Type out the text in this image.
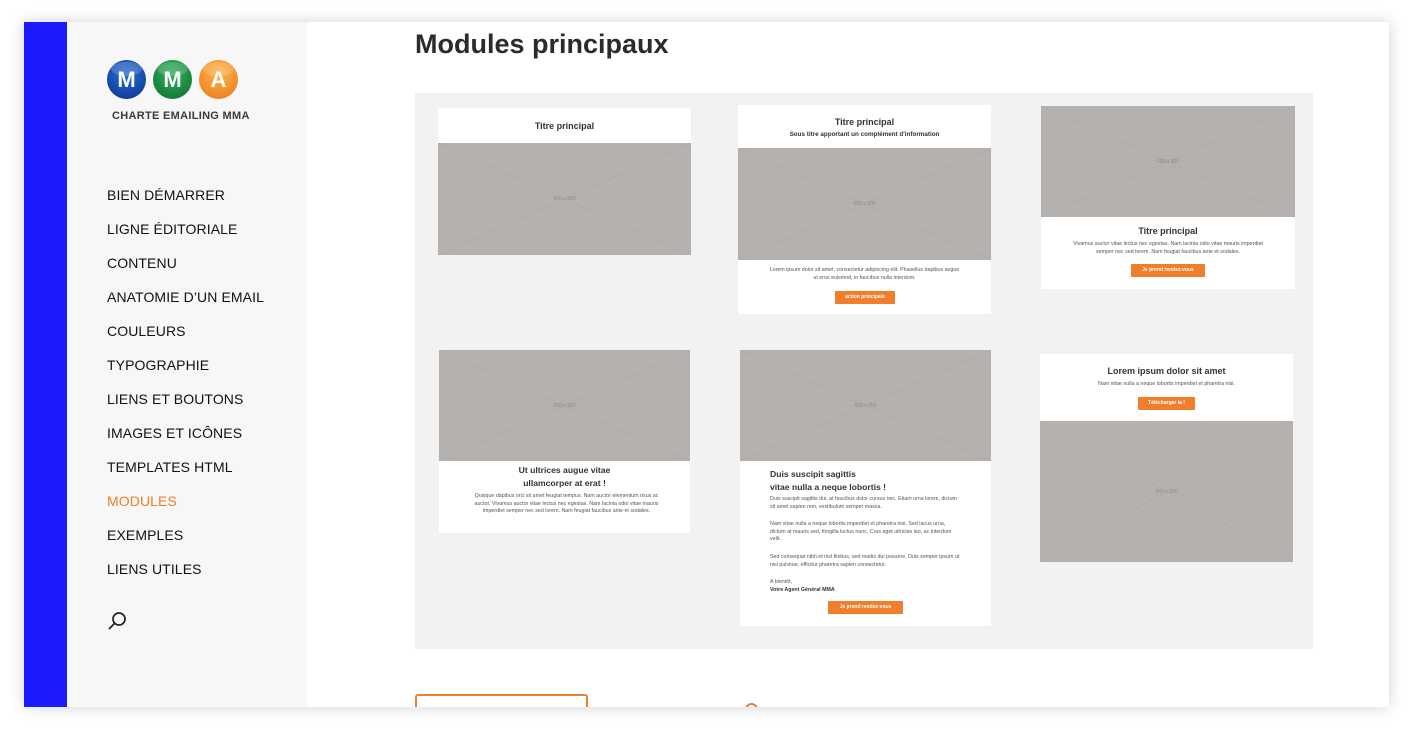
M	M	A
CHARTE EMAILING MMA
BIEN DÉMARRER
LIGNE ÉDITORIALE
CONTENU
ANATOMIE D’UN EMAIL
COULEURS
TYPOGRAPHIE
LIENS ET BOUTONS
IMAGES ET ICÔNES
TEMPLATES HTML
MODULES
EXEMPLES
LIENS UTILES
Modules principaux
Titre principal
660 x 300
Titre principal
Sous titre apportant un complément d'information
660 x 300
Lorem ipsum dolor sit amet, consectetur adipiscing elit. Phasellus dapibus augue ut eros euismod, in faucibus nulla interdum.
action principale
660 x 300
Titre principal
Vivamus auctor vitae lectus nec egestas. Nam lacinia odio vitae mauris imperdiet semper nec sed lorem. Nam feugiat faucibus ante et sodales.
Je prend rendez-vous
660 x 300
Ut ultrices augue vitae
ullamcorper at erat !
Quisque dapibus orci sit amet feugiat tempus. Nam auctor elementum risus ac auctor. Vivamus auctor vitae lectus nec egestas. Nam lacinia odio vitae mauris imperdiet semper nec sed lorem. Nam feugiat faucibus ante et sodales.
660 x 300
Duis suscipit sagittis
vitae nulla a neque lobortis !
Duis suscipit sagittis dui, at faucibus dolor cursus nec. Etiam urna lorem, dictum sit amet sapien non, vestibulum semper massa.
Nam vitae nulla a neque lobortis imperdiet et pharetra nisi. Sed lacus urna, dictum at mauris sed, fringilla luctus nunc. Cras eget ultricies leo, ac interdum velit.
Sed consequat nibh et nisl finibus, sed mattis dui posuere. Duis semper ipsum ut nisi pulvinar, efficitur pharetra sapien consectetur.
A bientôt,
Votre Agent Général MMA
Je prend rendez-vous
Lorem ipsum dolor sit amet
Nam vitae nulla a neque lobortis imperdiet et pharetra nisi.
Télécharger la !
660 x 300
